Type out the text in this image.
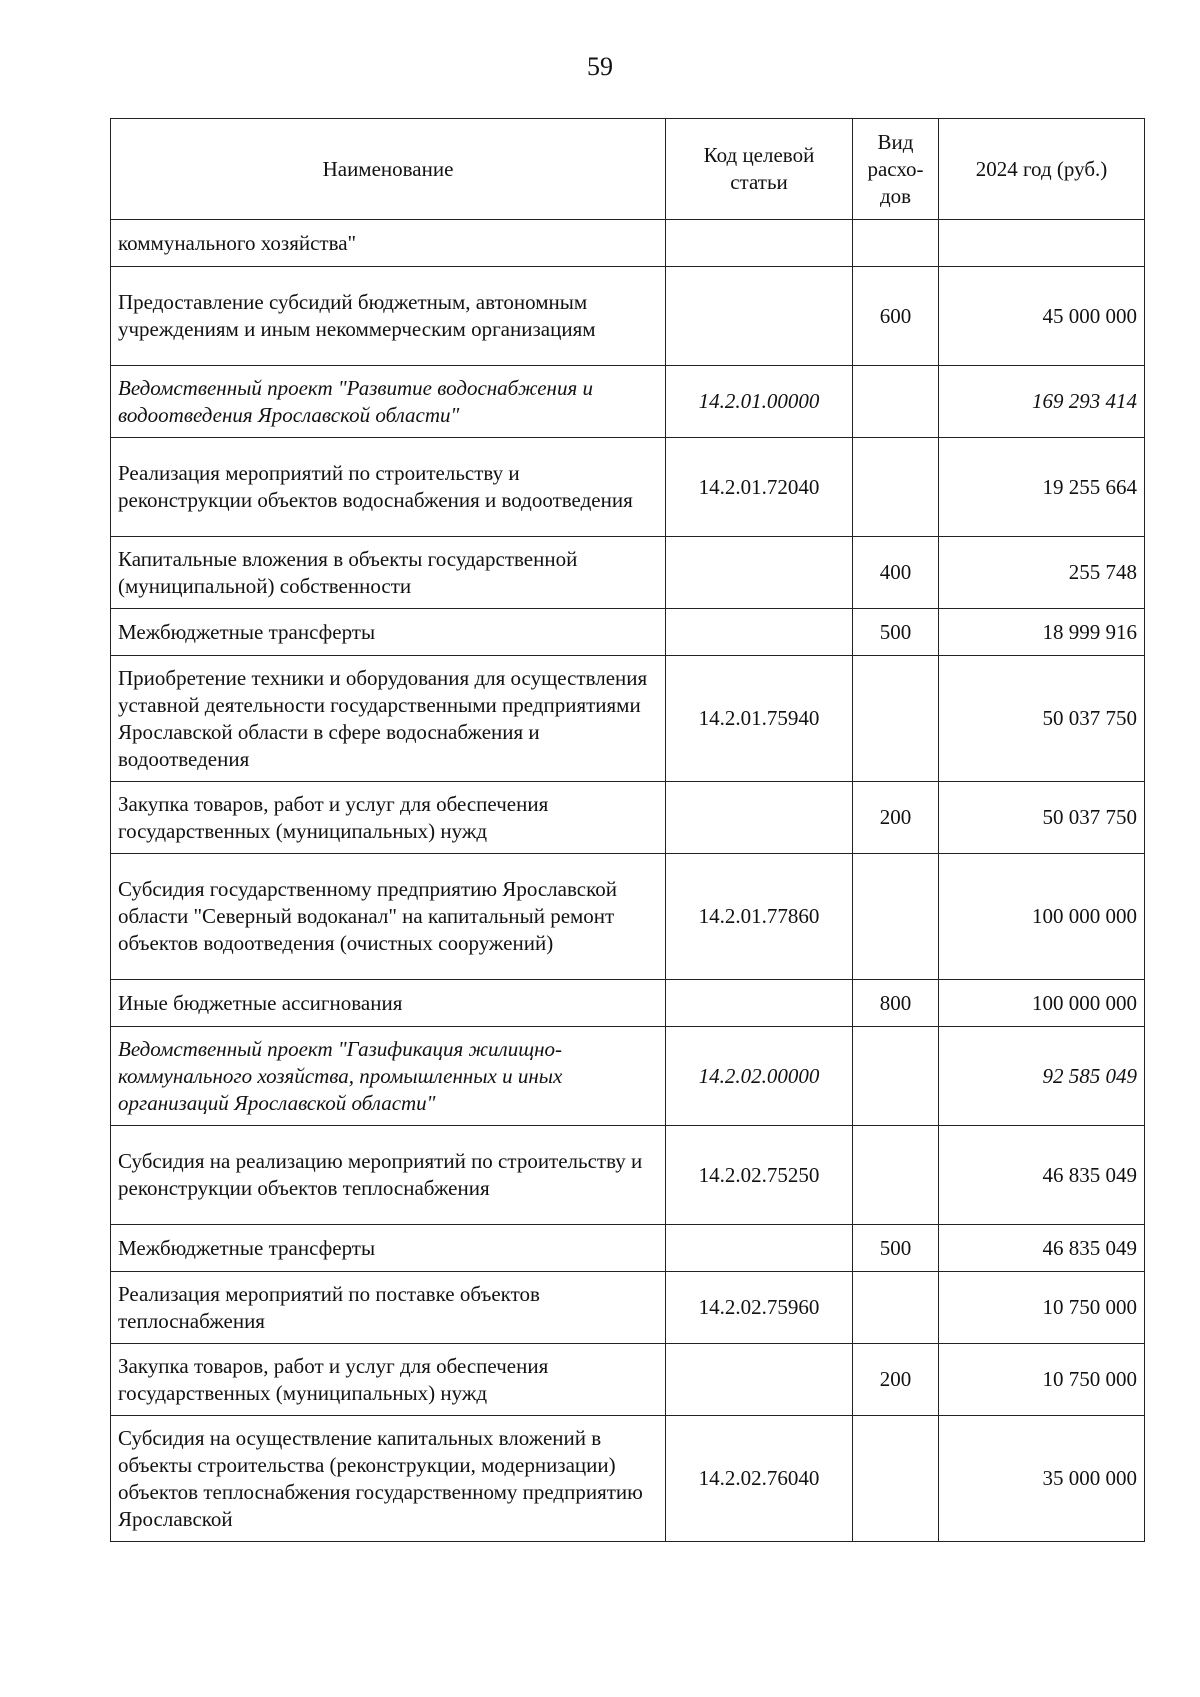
59
Наименование	Код целевой статьи	Вид расхо-дов	2024 год (руб.)
коммунального хозяйства"			
Предоставление субсидий бюджетным, автономным учреждениям и иным некоммерческим организациям		600	45 000 000
Ведомственный проект "Развитие водоснабжения и водоотведения Ярославской области"	14.2.01.00000		169 293 414
Реализация мероприятий по строительству и реконструкции объектов водоснабжения и водоотведения	14.2.01.72040		19 255 664
Капитальные вложения в объекты государственной (муниципальной) собственности		400	255 748
Межбюджетные трансферты		500	18 999 916
Приобретение техники и оборудования для осуществления уставной деятельности государственными предприятиями Ярославской области в сфере водоснабжения и водоотведения	14.2.01.75940		50 037 750
Закупка товаров, работ и услуг для обеспечения государственных (муниципальных) нужд		200	50 037 750
Субсидия государственному предприятию Ярославской области "Северный водоканал" на капитальный ремонт объектов водоотведения (очистных сооружений)	14.2.01.77860		100 000 000
Иные бюджетные ассигнования		800	100 000 000
Ведомственный проект "Газификация жилищно-коммунального хозяйства, промышленных и иных организаций Ярославской области"	14.2.02.00000		92 585 049
Субсидия на реализацию мероприятий по строительству и реконструкции объектов теплоснабжения	14.2.02.75250		46 835 049
Межбюджетные трансферты		500	46 835 049
Реализация мероприятий по поставке объектов теплоснабжения	14.2.02.75960		10 750 000
Закупка товаров, работ и услуг для обеспечения государственных (муниципальных) нужд		200	10 750 000
Субсидия на осуществление капитальных вложений в объекты строительства (реконструкции, модернизации) объектов теплоснабжения государственному предприятию Ярославской	14.2.02.76040		35 000 000
